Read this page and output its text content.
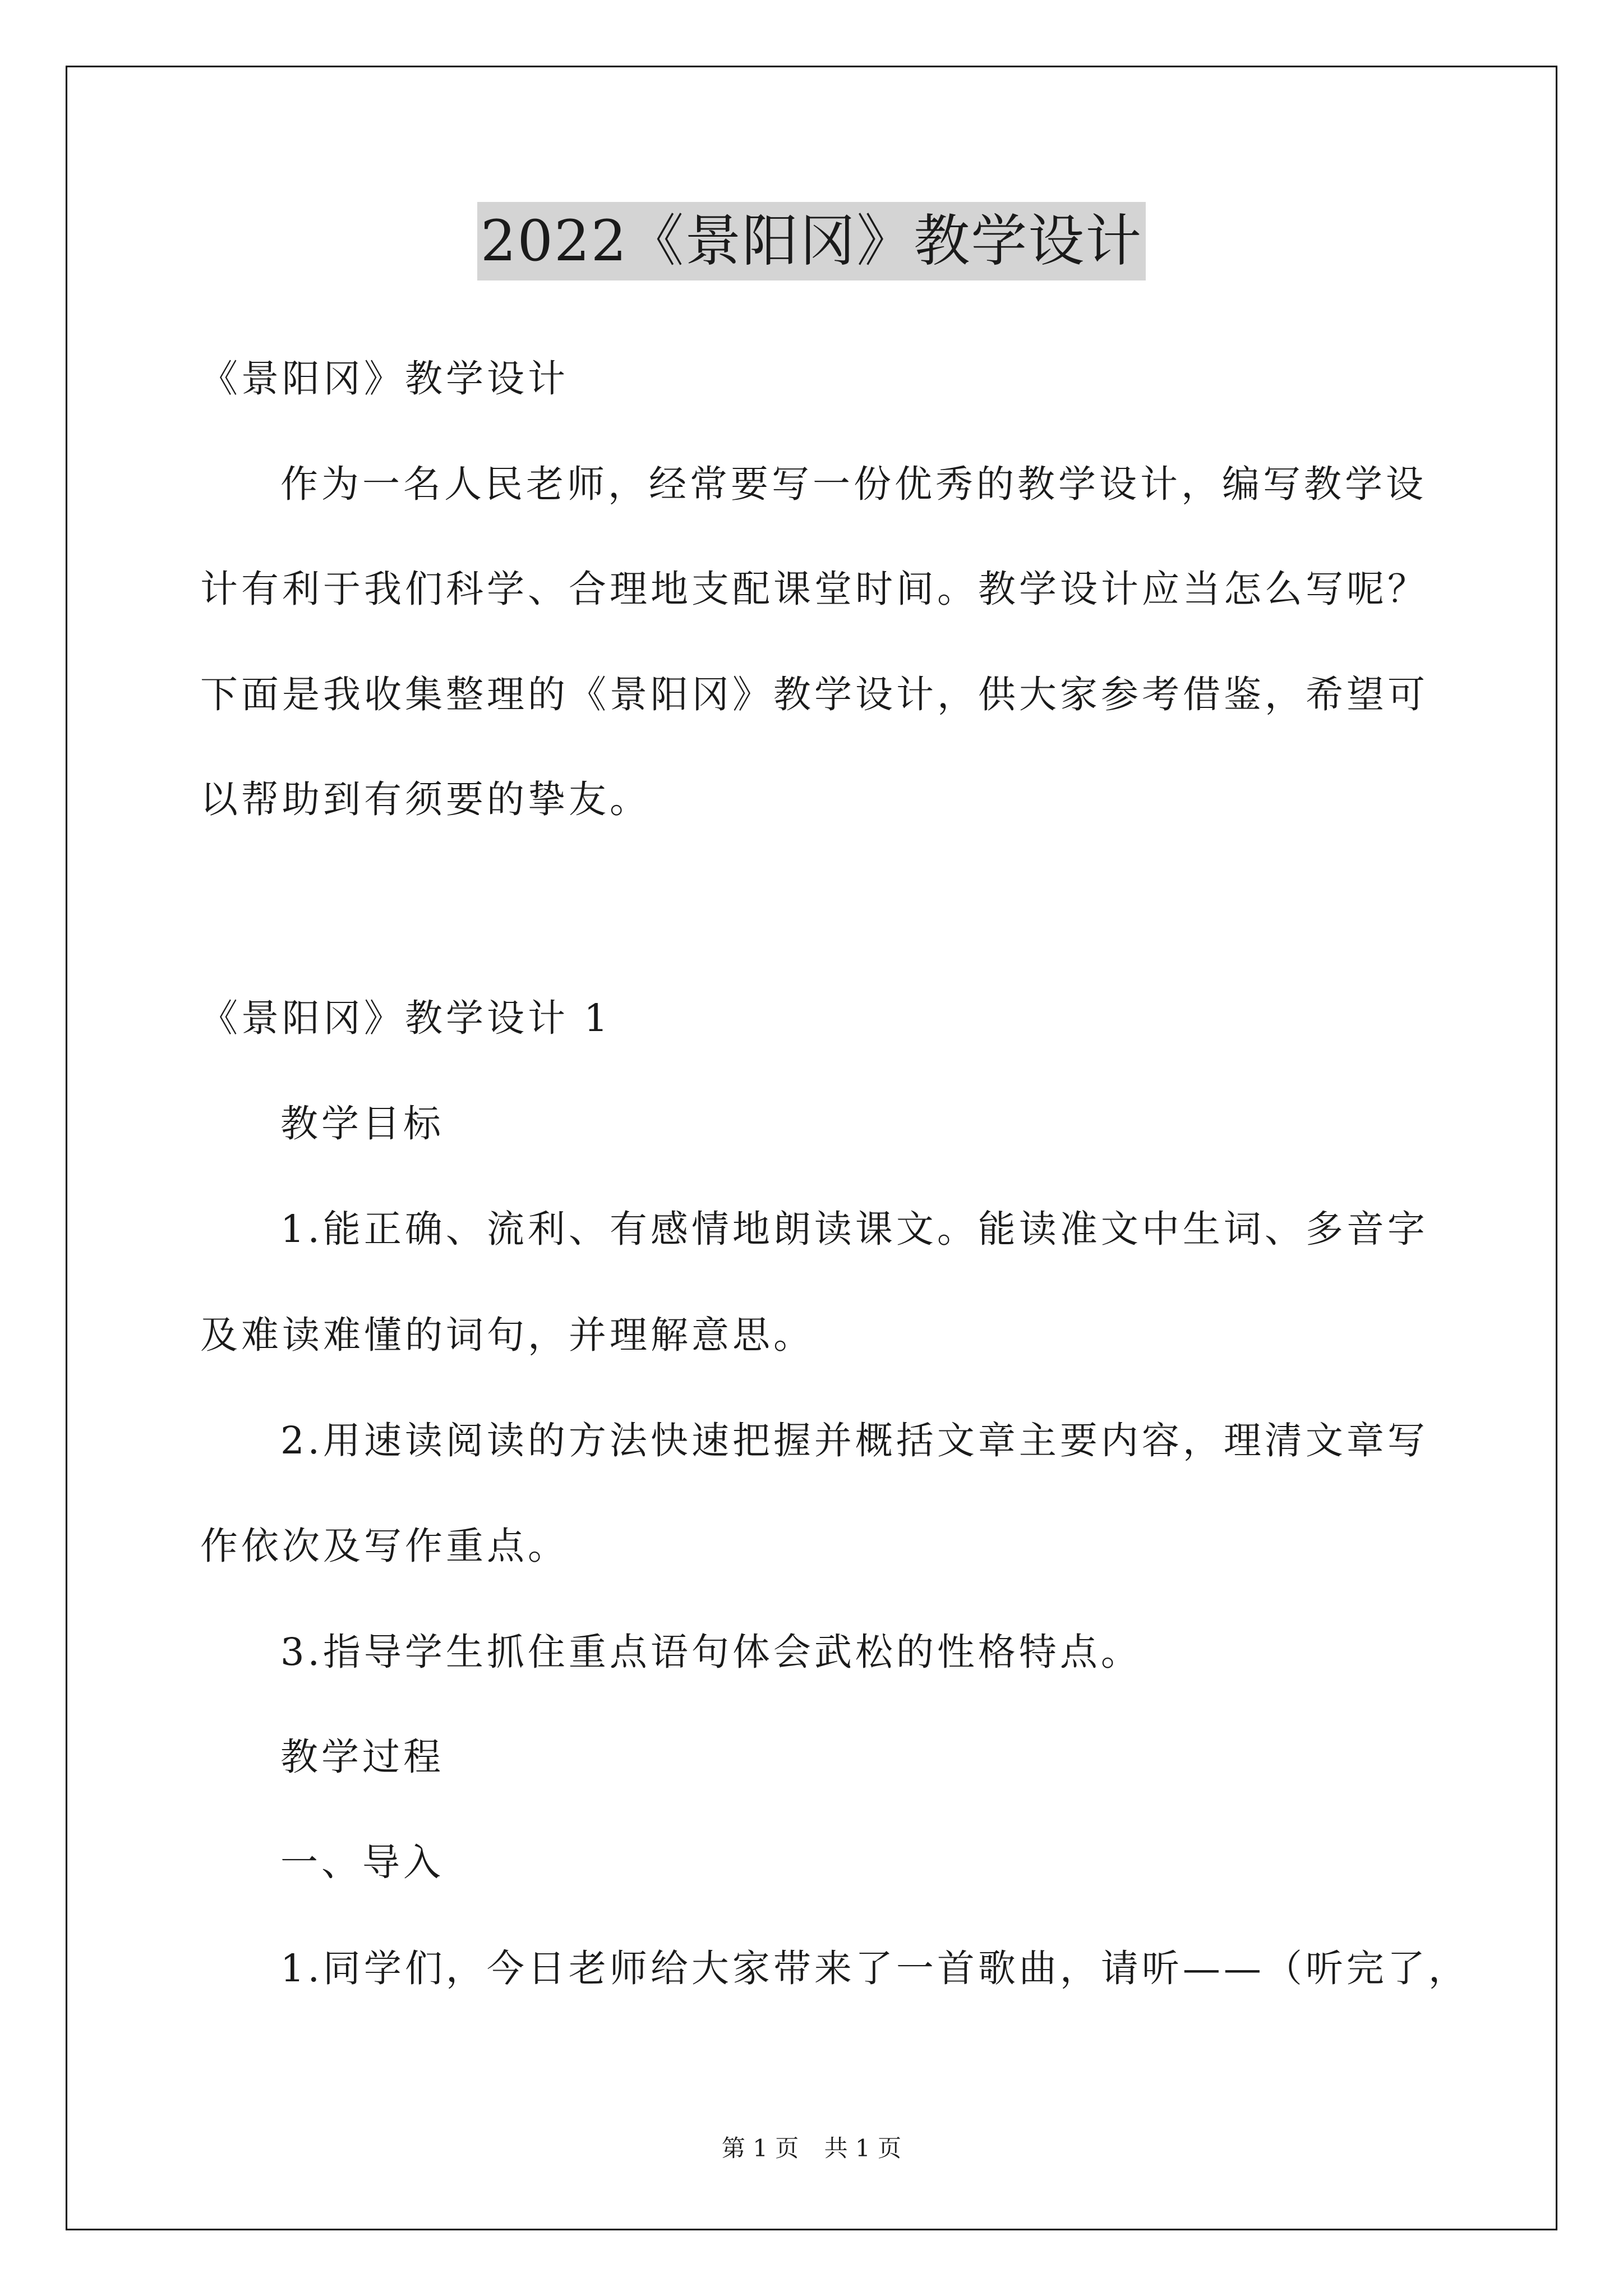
2022《景阳冈》教学设计
《景阳冈》教学设计
作为一名人民老师，经常要写一份优秀的教学设计，编写教学设
计有利于我们科学、合理地支配课堂时间。教学设计应当怎么写呢？
下面是我收集整理的《景阳冈》教学设计，供大家参考借鉴，希望可
以帮助到有须要的挚友。
《景阳冈》教学设计 1
教学目标
1.能正确、流利、有感情地朗读课文。能读准文中生词、多音字
及难读难懂的词句，并理解意思。
2.用速读阅读的方法快速把握并概括文章主要内容，理清文章写
作依次及写作重点。
3.指导学生抓住重点语句体会武松的性格特点。
教学过程
一、导入
1.同学们，今日老师给大家带来了一首歌曲，请听——（听完了，
第 1 页 共 1 页
